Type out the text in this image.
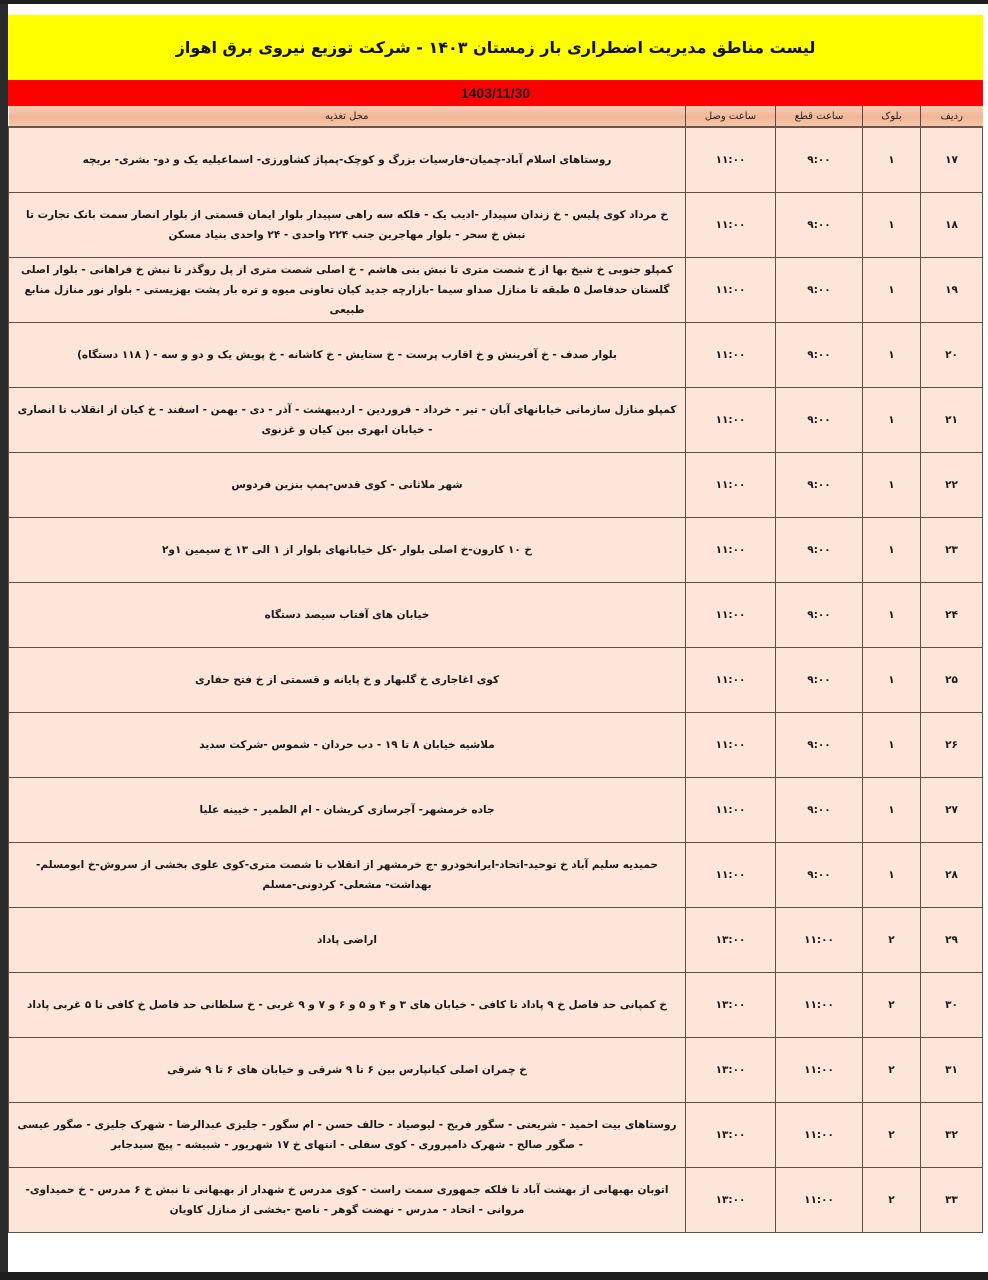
لیست مناطق مدیریت اضطراری بار زمستان ۱۴۰۳ - شرکت توزیع نیروی برق اهواز
1403/11/30
ردیف	بلوک	ساعت قطع	ساعت وصل	محل تغذیه
۱۷	۱	۹:۰۰	۱۱:۰۰	روستاهای اسلام آباد-چمیان-فارسیات بزرگ و کوچک-پمپاژ کشاورزی- اسماعیلیه یک و دو- بشری- بریچه
۱۸	۱	۹:۰۰	۱۱:۰۰	خ مرداد کوی پلیس - خ زندان سپیدار -ادیب یک - فلکه سه راهی سپیدار بلوار ایمان قسمتی از بلوار انصار سمت بانک تجارت تا نبش خ سحر - بلوار مهاجرین جنب ۲۲۴ واحدی - ۲۴ واحدی بنیاد مسکن
۱۹	۱	۹:۰۰	۱۱:۰۰	کمپلو جنوبی خ شیخ بها از خ شصت متری تا نبش بنی هاشم - خ اصلی شصت متری از پل روگذر تا نبش خ فراهانی - بلوار اصلی گلستان حدفاصل ۵ طبقه تا منازل صداو سیما -بازارچه جدید کیان تعاونی میوه و تره بار پشت بهزیستی - بلوار نور منازل منابع طبیعی
۲۰	۱	۹:۰۰	۱۱:۰۰	بلوار صدف - خ آفرینش و خ اقارب پرست - خ ستایش - خ کاشانه - خ پویش یک و دو و سه - ( ۱۱۸ دستگاه)
۲۱	۱	۹:۰۰	۱۱:۰۰	کمپلو منازل سازمانی خیابانهای آبان - تیر - خرداد - فروردین - اردیبهشت - آذر - دی - بهمن - اسفند - خ کیان از انقلاب تا انصاری - خیابان ابهری بین کیان و غزنوی
۲۲	۱	۹:۰۰	۱۱:۰۰	شهر ملاثانی - کوی قدس-پمپ بنزین فردوس
۲۳	۱	۹:۰۰	۱۱:۰۰	خ ۱۰ کارون-خ اصلی بلوار -کل خیابانهای بلوار از ۱ الی ۱۳ خ سیمین ۱و۲
۲۴	۱	۹:۰۰	۱۱:۰۰	خیابان های آفتاب سیصد دستگاه
۲۵	۱	۹:۰۰	۱۱:۰۰	کوی اغاجاری خ گلبهار و خ پایانه و قسمتی از خ فتح حفاری
۲۶	۱	۹:۰۰	۱۱:۰۰	ملاشیه خیابان ۸ تا ۱۹ - دب حردان - شموس -شرکت سدید
۲۷	۱	۹:۰۰	۱۱:۰۰	جاده خرمشهر- آجرسازی کریشان - ام الطمیر - خیینه علیا
۲۸	۱	۹:۰۰	۱۱:۰۰	حمیدیه سلیم آباد خ توحید-اتحاد-ایرانخودرو -ج خرمشهر از انقلاب تا شصت متری-کوی علوی بخشی از سروش-خ ابومسلم- بهداشت- مشعلی- کردونی-مسلم
۲۹	۲	۱۱:۰۰	۱۳:۰۰	اراضی پاداد
۳۰	۲	۱۱:۰۰	۱۳:۰۰	خ کمپانی حد فاصل خ ۹ پاداد تا کافی - خیابان های ۳ و ۴ و ۵ و ۶ و ۷ و ۹ غربی - خ سلطانی حد فاصل خ کافی تا ۵ غربی پاداد
۳۱	۲	۱۱:۰۰	۱۳:۰۰	خ چمران اصلی کیانپارس بین ۶ تا ۹ شرقی و خیابان های ۶ تا ۹ شرقی
۳۲	۲	۱۱:۰۰	۱۳:۰۰	روستاهای بیت احمید - شریعتی - سگور فریح - لیوصیاد - حالف حسن - ام سگور - جلیزی عبدالرضا - شهرک جلیزی - صگور عیسی - صگور صالح - شهرک دامپروری - کوی سفلی - انتهای خ ۱۷ شهریور - شبیشه - پیچ سیدجابر
۳۳	۲	۱۱:۰۰	۱۳:۰۰	اتوبان بهبهانی از بهشت آباد تا فلکه جمهوری سمت راست - کوی مدرس خ شهدار از بهبهانی تا نبش خ ۶ مدرس - خ حمیداوی- مروانی - اتحاد - مدرس - نهضت گوهر - ناصح -بخشی از منازل کاویان
